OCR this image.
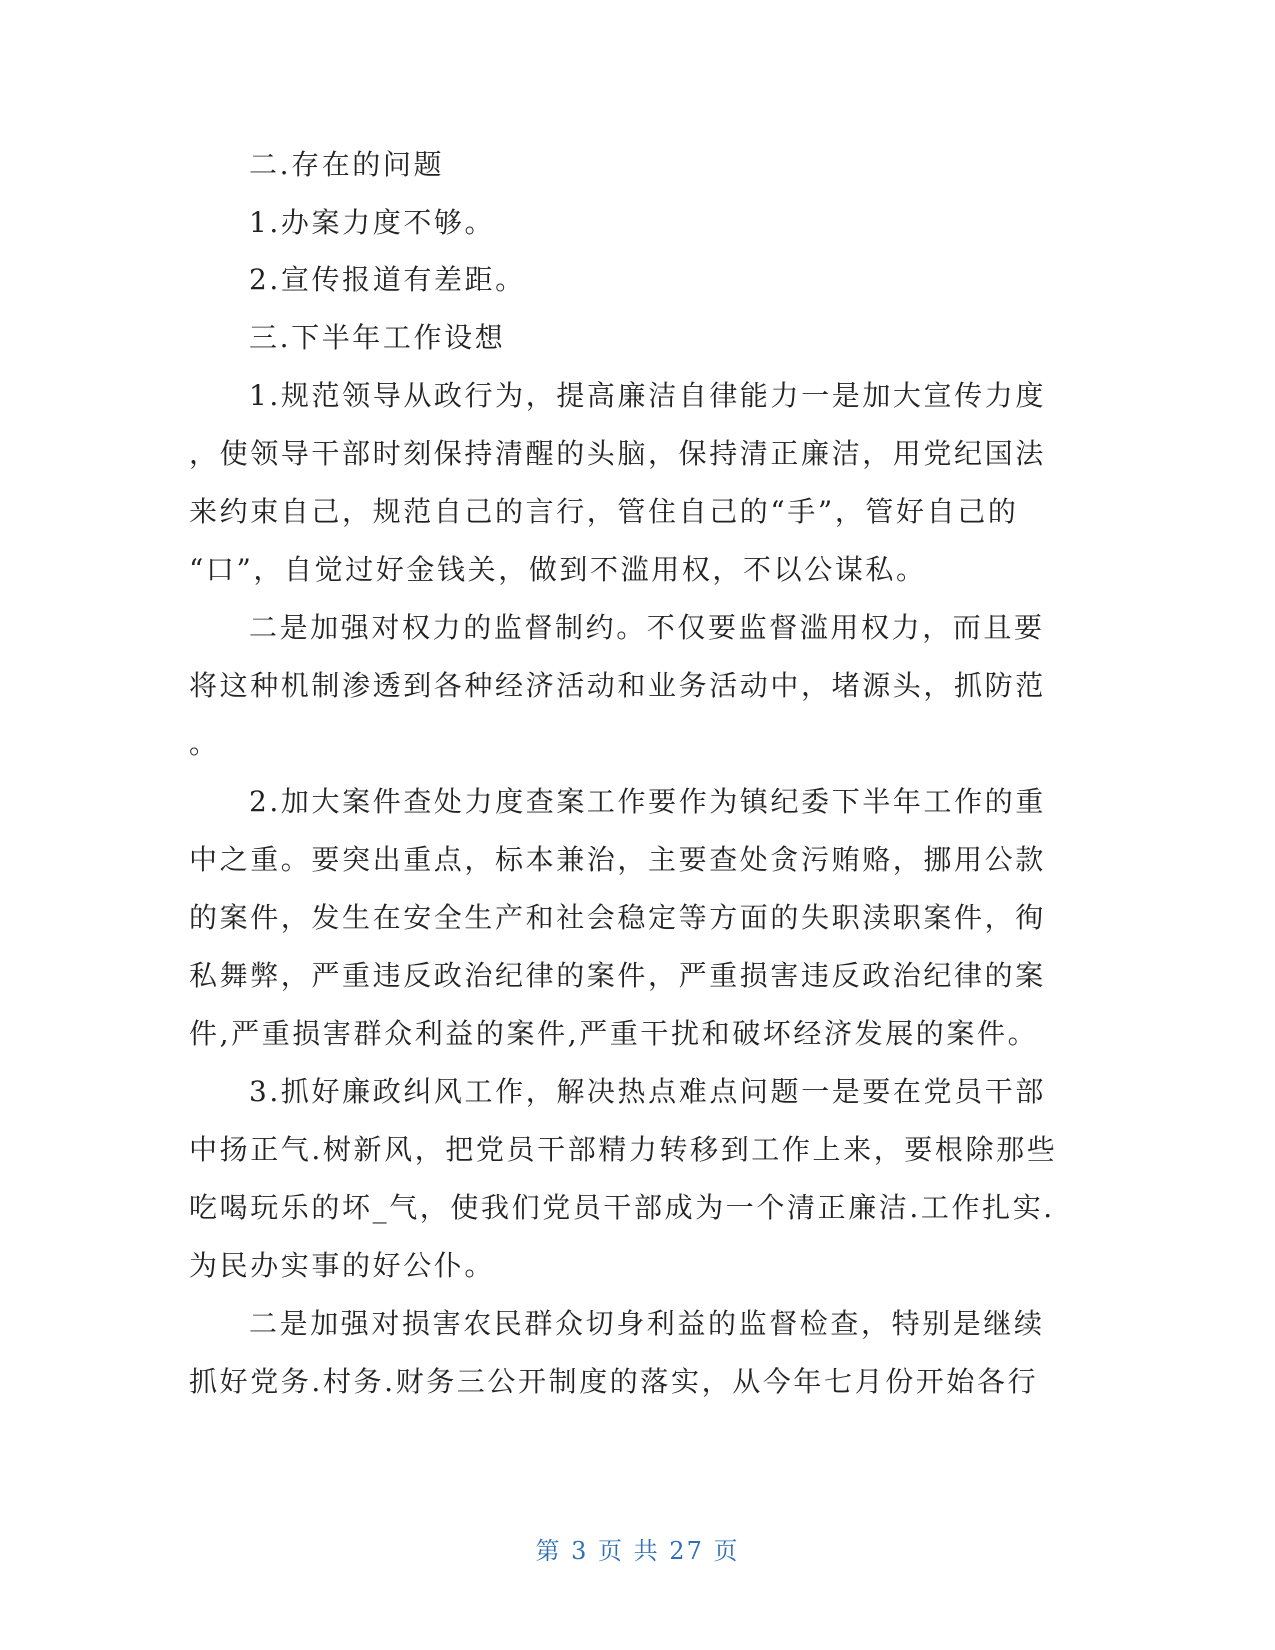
二.存在的问题
1.办案力度不够。
2.宣传报道有差距。
三.下半年工作设想
1.规范领导从政行为，提高廉洁自律能力一是加大宣传力度
，使领导干部时刻保持清醒的头脑，保持清正廉洁，用党纪国法
来约束自己，规范自己的言行，管住自己的“手”，管好自己的
“口”，自觉过好金钱关，做到不滥用权，不以公谋私。
二是加强对权力的监督制约。不仅要监督滥用权力，而且要
将这种机制渗透到各种经济活动和业务活动中，堵源头，抓防范
。
2.加大案件查处力度查案工作要作为镇纪委下半年工作的重
中之重。要突出重点，标本兼治，主要查处贪污贿赂，挪用公款
的案件，发生在安全生产和社会稳定等方面的失职渎职案件，徇
私舞弊，严重违反政治纪律的案件，严重损害违反政治纪律的案
件,严重损害群众利益的案件,严重干扰和破坏经济发展的案件。
3.抓好廉政纠风工作，解决热点难点问题一是要在党员干部
中扬正气.树新风，把党员干部精力转移到工作上来，要根除那些
吃喝玩乐的坏_气，使我们党员干部成为一个清正廉洁.工作扎实.
为民办实事的好公仆。
二是加强对损害农民群众切身利益的监督检查，特别是继续
抓好党务.村务.财务三公开制度的落实，从今年七月份开始各行
第 3 页 共 27 页
